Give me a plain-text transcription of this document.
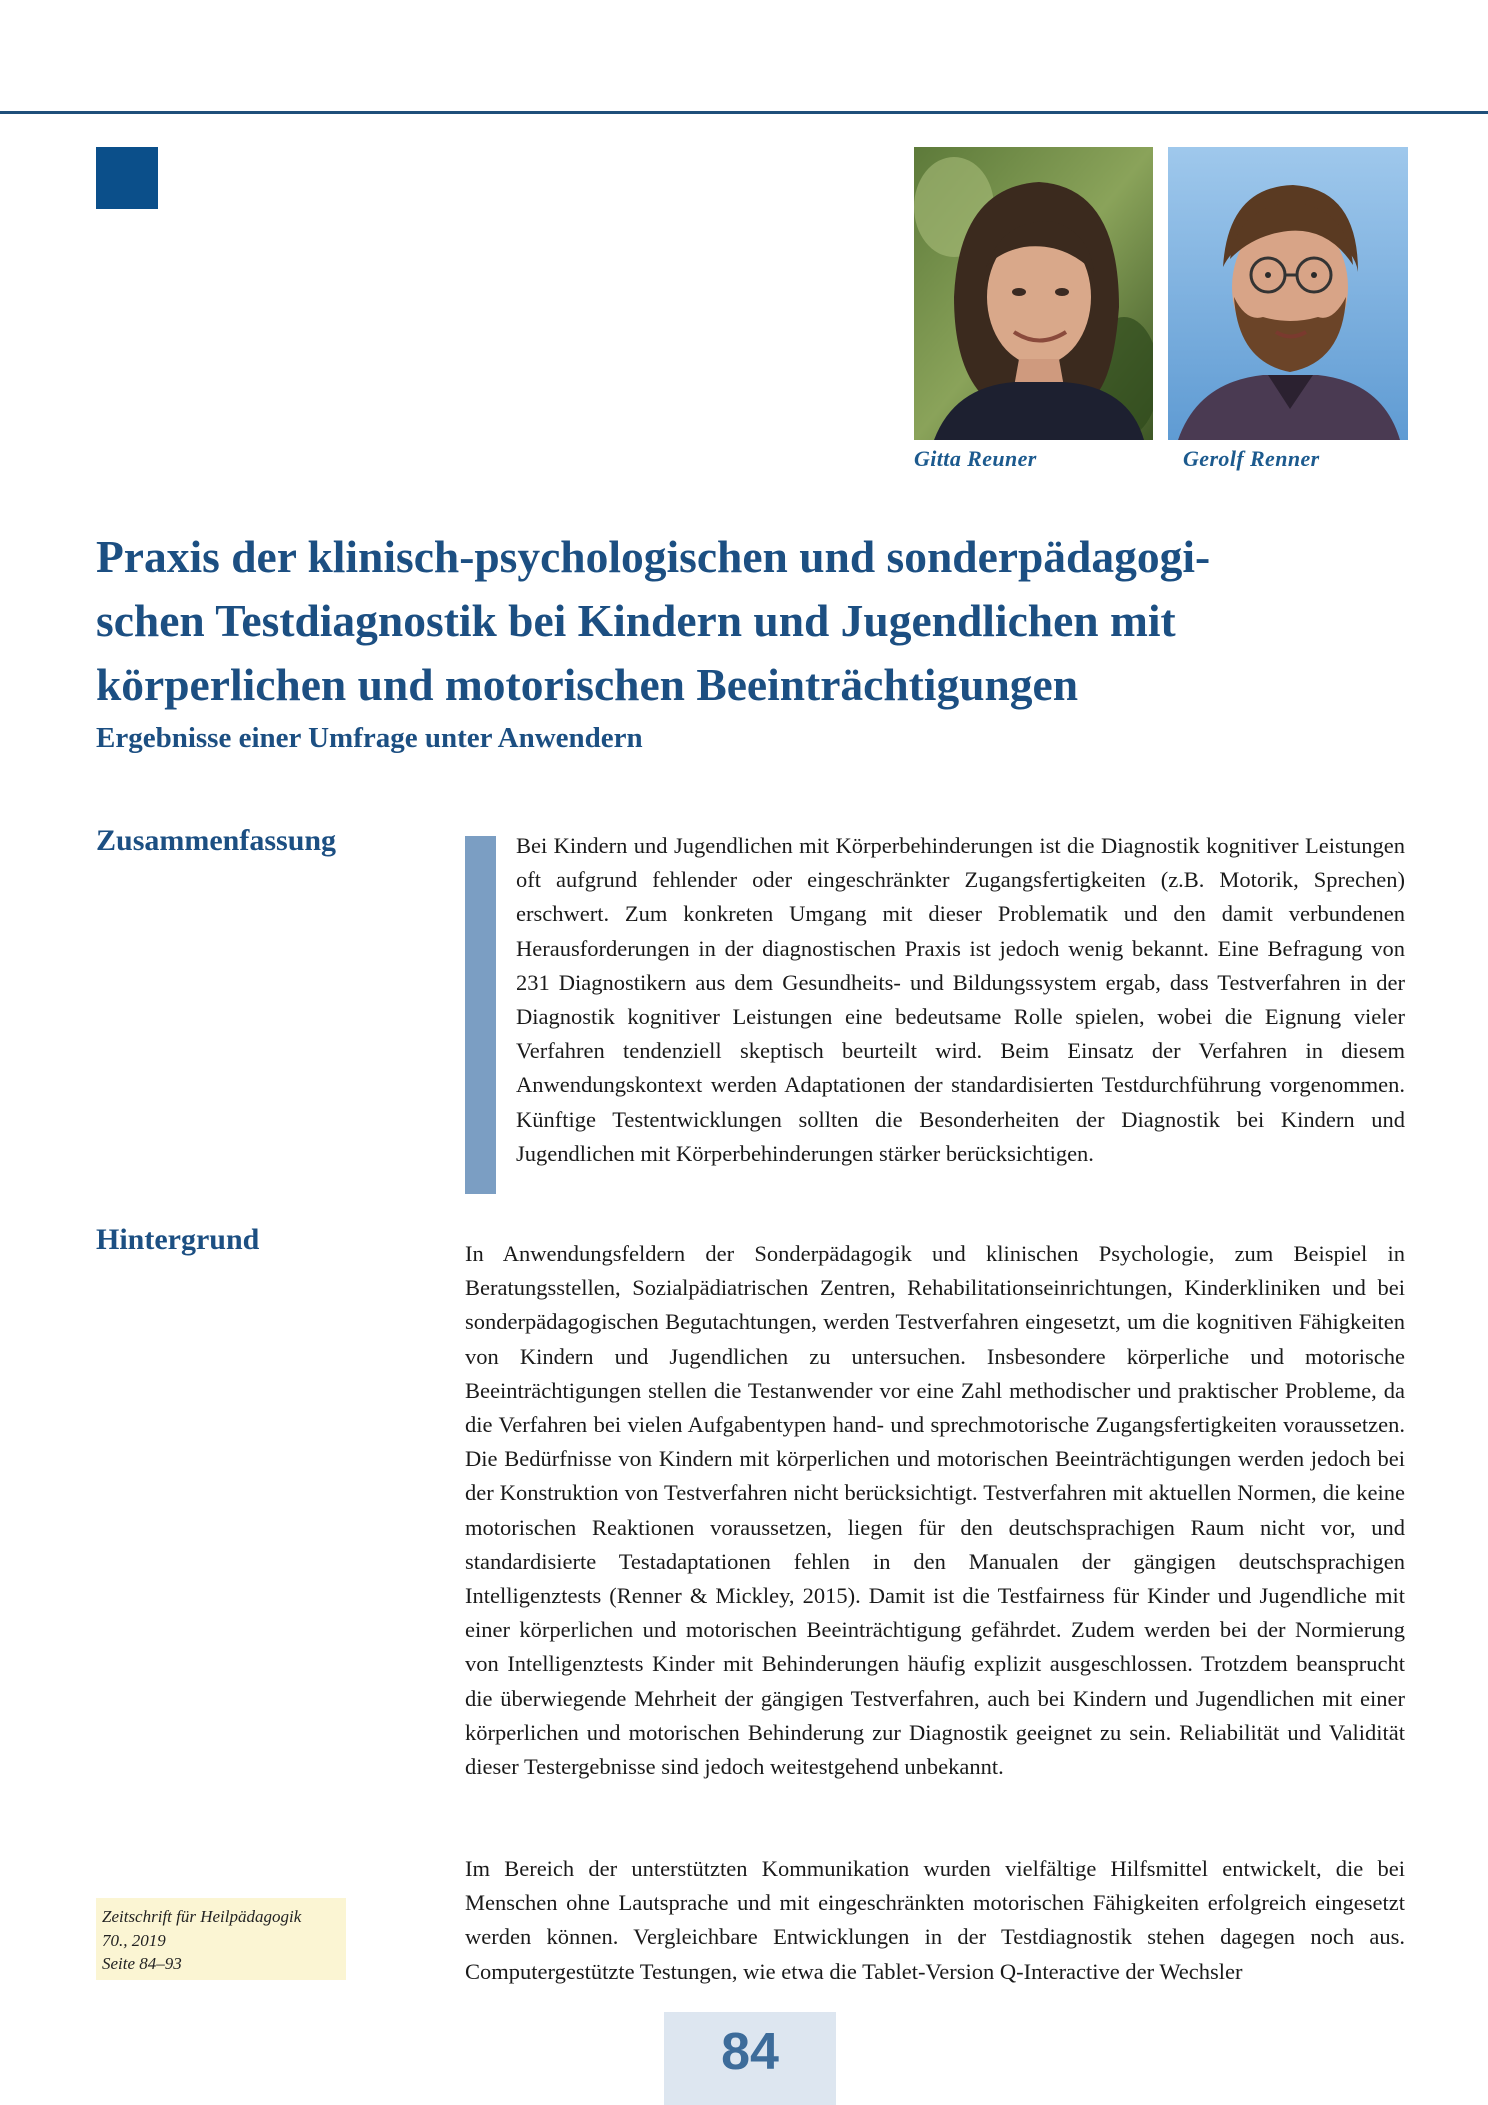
Gitta Reuner	Gerolf Renner
Praxis der klinisch-psychologischen und sonderpädagogi-
schen Testdiagnostik bei Kindern und Jugendlichen mit
körperlichen und motorischen Beeinträchtigungen
Ergebnisse einer Umfrage unter Anwendern
Zusammenfassung	Bei Kindern und Jugendlichen mit Körperbehinderungen ist die Diagnostik kognitiver Leistungen oft aufgrund fehlender oder eingeschränkter Zugangsfertigkeiten (z.B. Motorik, Sprechen) erschwert. Zum konkreten Umgang mit dieser Problematik und den damit verbundenen Herausforderungen in der diagnostischen Praxis ist jedoch wenig bekannt. Eine Befragung von 231 Diagnostikern aus dem Gesundheits- und Bildungssystem ergab, dass Testverfahren in der Diagnostik kognitiver Leistungen eine bedeutsame Rolle spielen, wobei die Eignung vieler Verfahren tendenziell skeptisch beurteilt wird. Beim Einsatz der Verfahren in diesem Anwendungskontext werden Adaptationen der standardisierten Testdurchführung vorgenommen. Künftige Testentwicklungen sollten die Besonderheiten der Diagnostik bei Kindern und Jugendlichen mit Körperbehinderungen stärker berücksichtigen.

Hintergrund	In Anwendungsfeldern der Sonderpädagogik und klinischen Psychologie, zum Beispiel in Beratungsstellen, Sozialpädiatrischen Zentren, Rehabilitationseinrichtungen, Kinderkliniken und bei sonderpädagogischen Begutachtungen, werden Testverfahren eingesetzt, um die kognitiven Fähigkeiten von Kindern und Jugendlichen zu untersuchen. Insbesondere körperliche und motorische Beeinträchtigungen stellen die Testanwender vor eine Zahl methodischer und praktischer Probleme, da die Verfahren bei vielen Aufgabentypen hand- und sprechmotorische Zugangsfertigkeiten voraussetzen. Die Bedürfnisse von Kindern mit körperlichen und motorischen Beeinträchtigungen werden jedoch bei der Konstruktion von Testverfahren nicht berücksichtigt. Testverfahren mit aktuellen Normen, die keine motorischen Reaktionen voraussetzen, liegen für den deutschsprachigen Raum nicht vor, und standardisierte Testadaptationen fehlen in den Manualen der gängigen deutschsprachigen Intelligenztests (Renner & Mickley, 2015). Damit ist die Testfairness für Kinder und Jugendliche mit einer körperlichen und motorischen Beeinträchtigung gefährdet. Zudem werden bei der Normierung von Intelligenztests Kinder mit Behinderungen häufig explizit ausgeschlossen. Trotzdem beansprucht die überwiegende Mehrheit der gängigen Testverfahren, auch bei Kindern und Jugendlichen mit einer körperlichen und motorischen Behinderung zur Diagnostik geeignet zu sein. Reliabilität und Validität dieser Testergebnisse sind jedoch weitestgehend unbekannt.

Im Bereich der unterstützten Kommunikation wurden vielfältige Hilfsmittel entwickelt, die bei Menschen ohne Lautsprache und mit eingeschränkten motorischen Fähigkeiten erfolgreich eingesetzt werden können. Vergleichbare Entwicklungen in der Testdiagnostik stehen dagegen noch aus. Computergestützte Testungen, wie etwa die Tablet-Version Q-Interactive der Wechsler

Zeitschrift für Heilpädagogik
70., 2019
Seite 84–93
84
